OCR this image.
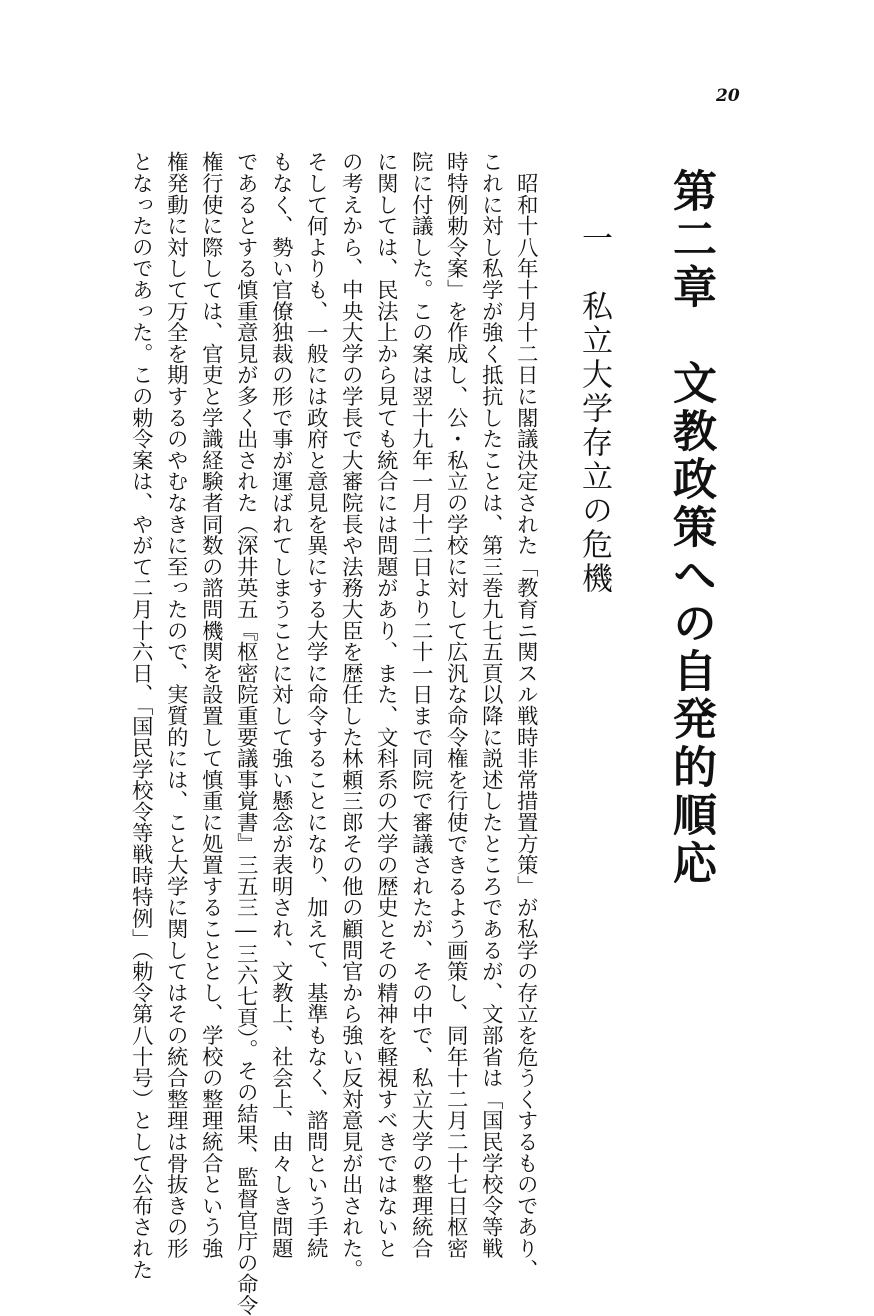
20
第二章　文教政策への自発的順応
一　私立大学存立の危機
　昭和十八年十月十二日に閣議決定された「教育ニ関スル戦時非常措置方策」が私学の存立を危うくするものであり、
これに対し私学が強く抵抗したことは、第三巻九七五頁以降に説述したところであるが、文部省は「国民学校令等戦
時特例勅令案」を作成し、公・私立の学校に対して広汎な命令権を行使できるよう画策し、同年十二月二十七日枢密
院に付議した。この案は翌十九年一月十二日より二十一日まで同院で審議されたが、その中で、私立大学の整理統合
に関しては、民法上から見ても統合には問題があり、また、文科系の大学の歴史とその精神を軽視すべきではないと
の考えから、中央大学の学長で大審院長や法務大臣を歴任した林頼三郎その他の顧問官から強い反対意見が出された。
そして何よりも、一般には政府と意見を異にする大学に命令することになり、加えて、基準もなく、諮問という手続
もなく、勢い官僚独裁の形で事が運ばれてしまうことに対して強い懸念が表明され、文教上、社会上、由々しき問題
であるとする慎重意見が多く出された（深井英五『枢密院重要議事覚書』三五三―三六七頁）。その結果、監督官庁の命令
権行使に際しては、官吏と学識経験者同数の諮問機関を設置して慎重に処置することとし、学校の整理統合という強
権発動に対して万全を期するのやむなきに至ったので、実質的には、こと大学に関してはその統合整理は骨抜きの形
となったのであった。この勅令案は、やがて二月十六日、「国民学校令等戦時特例」（勅令第八十号）として公布された
